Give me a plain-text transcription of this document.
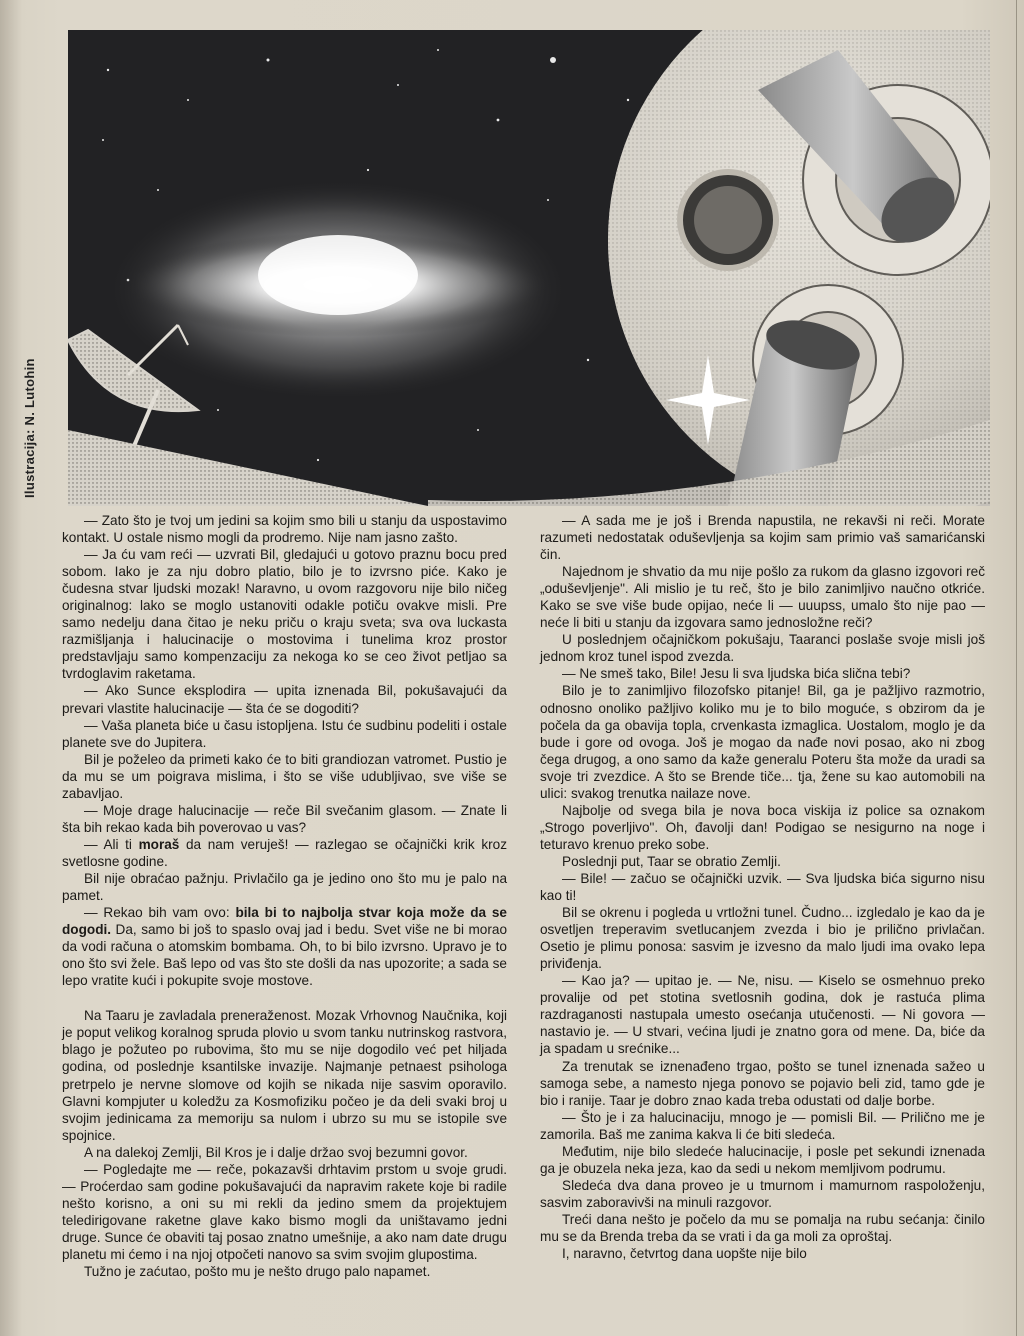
Ilustracija: N. Lutohin

— Zato što je tvoj um jedini sa kojim smo bili u stanju da uspostavimo kontakt. U ostale nismo mogli da prodremo. Nije nam jasno zašto.

— Ja ću vam reći — uzvrati Bil, gledajući u gotovo praznu bocu pred sobom. Iako je za nju dobro platio, bilo je to izvrsno piće. Kako je čudesna stvar ljudski mozak! Naravno, u ovom razgovoru nije bilo ničeg originalnog: lako se moglo ustanoviti odakle potiču ovakve misli. Pre samo nedelju dana čitao je neku priču o kraju sveta; sva ova luckasta razmišljanja i halucinacije o mostovima i tunelima kroz prostor predstavljaju samo kompenzaciju za nekoga ko se ceo život petljao sa tvrdoglavim raketama.

— Ako Sunce eksplodira — upita iznenada Bil, pokušavajući da prevari vlastite halucinacije — šta će se dogoditi?

— Vaša planeta biće u času istopljena. Istu će sudbinu podeliti i ostale planete sve do Jupitera.

Bil je poželeo da primeti kako će to biti grandiozan vatromet. Pustio je da mu se um poigrava mislima, i što se više udubljivao, sve više se zabavljao.

— Moje drage halucinacije — reče Bil svečanim glasom. — Znate li šta bih rekao kada bih poverovao u vas?

— Ali ti moraš da nam veruješ! — razlegao se očajnički krik kroz svetlosne godine.

Bil nije obraćao pažnju. Privlačilo ga je jedino ono što mu je palo na pamet.

— Rekao bih vam ovo: bila bi to najbolja stvar koja može da se dogodi. Da, samo bi još to spaslo ovaj jad i bedu. Svet više ne bi morao da vodi računa o atomskim bombama. Oh, to bi bilo izvrsno. Upravo je to ono što svi žele. Baš lepo od vas što ste došli da nas upozorite; a sada se lepo vratite kući i pokupite svoje mostove.

Na Taaru je zavladala preneraženost. Mozak Vrhovnog Naučnika, koji je poput velikog koralnog spruda plovio u svom tanku nutrinskog rastvora, blago je požuteo po rubovima, što mu se nije dogodilo već pet hiljada godina, od poslednje ksantilske invazije. Najmanje petnaest psihologa pretrpelo je nervne slomove od kojih se nikada nije sasvim oporavilo. Glavni kompjuter u koledžu za Kosmofiziku počeo je da deli svaki broj u svojim jedinicama za memoriju sa nulom i ubrzo su mu se istopile sve spojnice.

A na dalekoj Zemlji, Bil Kros je i dalje držao svoj bezumni govor.

— Pogledajte me — reče, pokazavši drhtavim prstom u svoje grudi. — Proćerdao sam godine pokušavajući da napravim rakete koje bi radile nešto korisno, a oni su mi rekli da jedino smem da projektujem teledirigovane raketne glave kako bismo mogli da uništavamo jedni druge. Sunce će obaviti taj posao znatno umešnije, a ako nam date drugu planetu mi ćemo i na njoj otpočeti nanovo sa svim svojim glupostima.

Tužno je zaćutao, pošto mu je nešto drugo palo napamet.

— A sada me je još i Brenda napustila, ne rekavši ni reči. Morate razumeti nedostatak oduševljenja sa kojim sam primio vaš samarićanski čin.

Najednom je shvatio da mu nije pošlo za rukom da glasno izgovori reč „oduševljenje". Ali mislio je tu reč, što je bilo zanimljivo naučno otkriće. Kako se sve više bude opijao, neće li — uuupss, umalo što nije pao — neće li biti u stanju da izgovara samo jednosložne reči?

U poslednjem očajničkom pokušaju, Taaranci poslaše svoje misli još jednom kroz tunel ispod zvezda.

— Ne smeš tako, Bile! Jesu li sva ljudska bića slična tebi?

Bilo je to zanimljivo filozofsko pitanje! Bil, ga je pažljivo razmotrio, odnosno onoliko pažljivo koliko mu je to bilo moguće, s obzirom da je počela da ga obavija topla, crvenkasta izmaglica. Uostalom, moglo je da bude i gore od ovoga. Još je mogao da nađe novi posao, ako ni zbog čega drugog, a ono samo da kaže generalu Poteru šta može da uradi sa svoje tri zvezdice. A što se Brende tiče... tja, žene su kao automobili na ulici: svakog trenutka nailaze nove.

Najbolje od svega bila je nova boca viskija iz police sa oznakom „Strogo poverljivo". Oh, đavolji dan! Podigao se nesigurno na noge i teturavo krenuo preko sobe.

Poslednji put, Taar se obratio Zemlji.

— Bile! — začuo se očajnički uzvik. — Sva ljudska bića sigurno nisu kao ti!

Bil se okrenu i pogleda u vrtložni tunel. Čudno... izgledalo je kao da je osvetljen treperavim svetlucanjem zvezda i bio je prilično privlačan. Osetio je plimu ponosa: sasvim je izvesno da malo ljudi ima ovako lepa priviđenja.

— Kao ja? — upitao je. — Ne, nisu. — Kiselo se osmehnuo preko provalije od pet stotina svetlosnih godina, dok je rastuća plima razdraganosti nastupala umesto osećanja utučenosti. — Ni govora — nastavio je. — U stvari, većina ljudi je znatno gora od mene. Da, biće da ja spadam u srećnike...

Za trenutak se iznenađeno trgao, pošto se tunel iznenada sažeo u samoga sebe, a namesto njega ponovo se pojavio beli zid, tamo gde je bio i ranije. Taar je dobro znao kada treba odustati od dalje borbe.

— Što je i za halucinaciju, mnogo je — pomisli Bil. — Prilično me je zamorila. Baš me zanima kakva li će biti sledeća.

Međutim, nije bilo sledeće halucinacije, i posle pet sekundi iznenada ga je obuzela neka jeza, kao da sedi u nekom memljivom podrumu.

Sledeća dva dana proveo je u tmurnom i mamurnom raspoloženju, sasvim zaboravivši na minuli razgovor.

Treći dana nešto je počelo da mu se pomalja na rubu sećanja: činilo mu se da Brenda treba da se vrati i da ga moli za oproštaj.

I, naravno, četvrtog dana uopšte nije bilo
